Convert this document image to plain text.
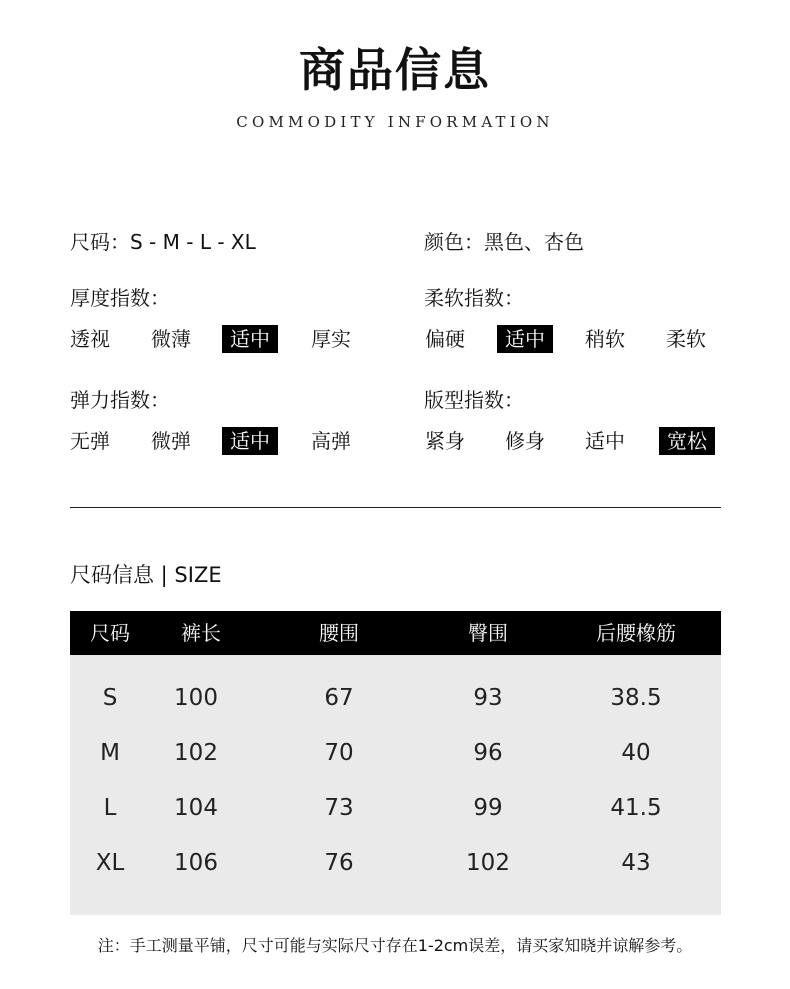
商品信息
COMMODITY INFORMATION
尺码：S - M - L - XL	颜色：黑色、杏色
厚度指数：
透视	微薄	适中	厚实
柔软指数：
偏硬	适中	稍软	柔软
弹力指数：
无弹	微弹	适中	高弹
版型指数：
紧身	修身	适中	宽松
尺码信息 | SIZE
尺码	裤长	腰围	臀围	后腰橡筋
S	100	67	93	38.5
M	102	70	96	40
L	104	73	99	41.5
XL	106	76	102	43
注：手工测量平铺，尺寸可能与实际尺寸存在1-2cm误差，请买家知晓并谅解参考。
